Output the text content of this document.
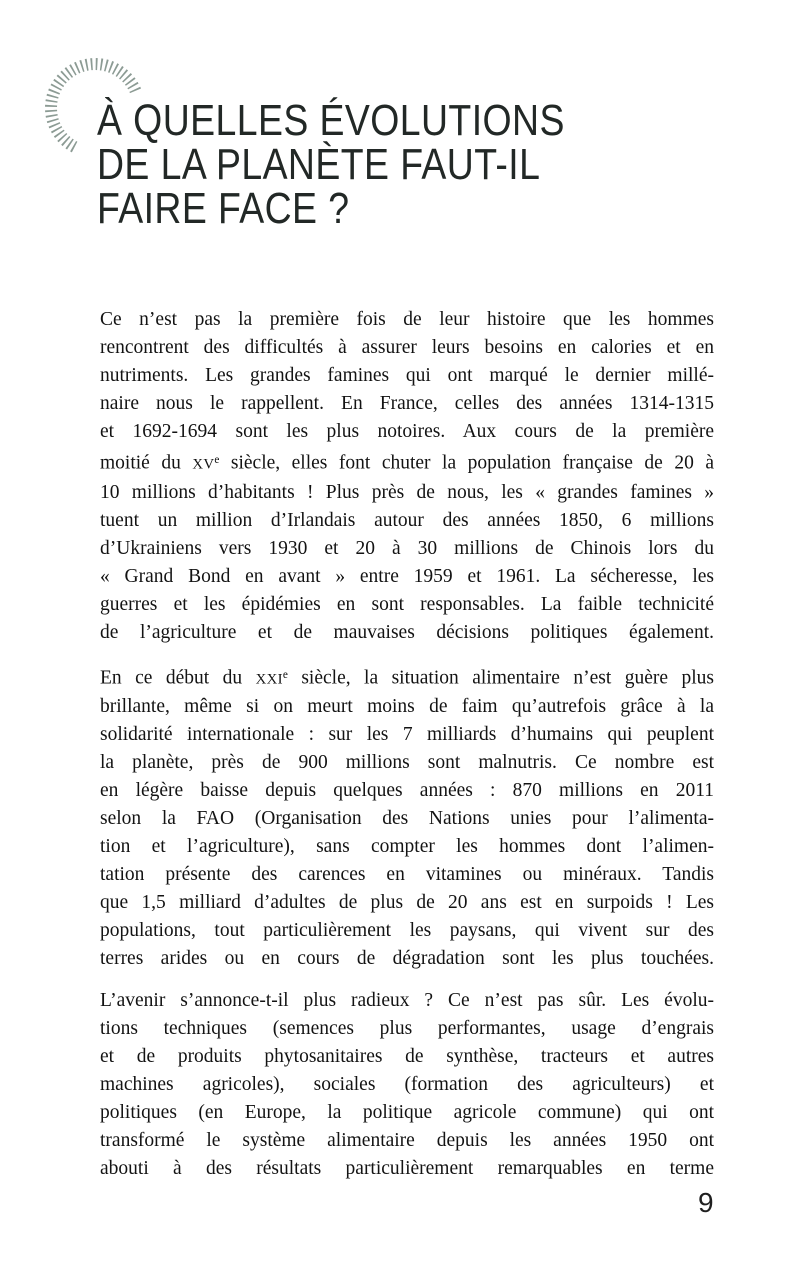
À QUELLES ÉVOLUTIONS
DE LA PLANÈTE FAUT-IL
FAIRE FACE ?
Ce n’est pas la première fois de leur histoire que les hommes
rencontrent des difficultés à assurer leurs besoins en calories et en
nutriments. Les grandes famines qui ont marqué le dernier millé-
naire nous le rappellent. En France, celles des années 1314-1315
et 1692-1694 sont les plus notoires. Aux cours de la première
moitié du XVe siècle, elles font chuter la population française de 20 à
10 millions d’habitants ! Plus près de nous, les « grandes famines »
tuent un million d’Irlandais autour des années 1850, 6 millions
d’Ukrainiens vers 1930 et 20 à 30 millions de Chinois lors du
« Grand Bond en avant » entre 1959 et 1961. La sécheresse, les
guerres et les épidémies en sont responsables. La faible technicité
de l’agriculture et de mauvaises décisions politiques également.
En ce début du XXIe siècle, la situation alimentaire n’est guère plus
brillante, même si on meurt moins de faim qu’autrefois grâce à la
solidarité internationale : sur les 7 milliards d’humains qui peuplent
la planète, près de 900 millions sont malnutris. Ce nombre est
en légère baisse depuis quelques années : 870 millions en 2011
selon la FAO (Organisation des Nations unies pour l’alimenta-
tion et l’agriculture), sans compter les hommes dont l’alimen-
tation présente des carences en vitamines ou minéraux. Tandis
que 1,5 milliard d’adultes de plus de 20 ans est en surpoids ! Les
populations, tout particulièrement les paysans, qui vivent sur des
terres arides ou en cours de dégradation sont les plus touchées.
L’avenir s’annonce-t-il plus radieux ? Ce n’est pas sûr. Les évolu-
tions techniques (semences plus performantes, usage d’engrais
et de produits phytosanitaires de synthèse, tracteurs et autres
machines agricoles), sociales (formation des agriculteurs) et
politiques (en Europe, la politique agricole commune) qui ont
transformé le système alimentaire depuis les années 1950 ont
abouti à des résultats particulièrement remarquables en terme
9
